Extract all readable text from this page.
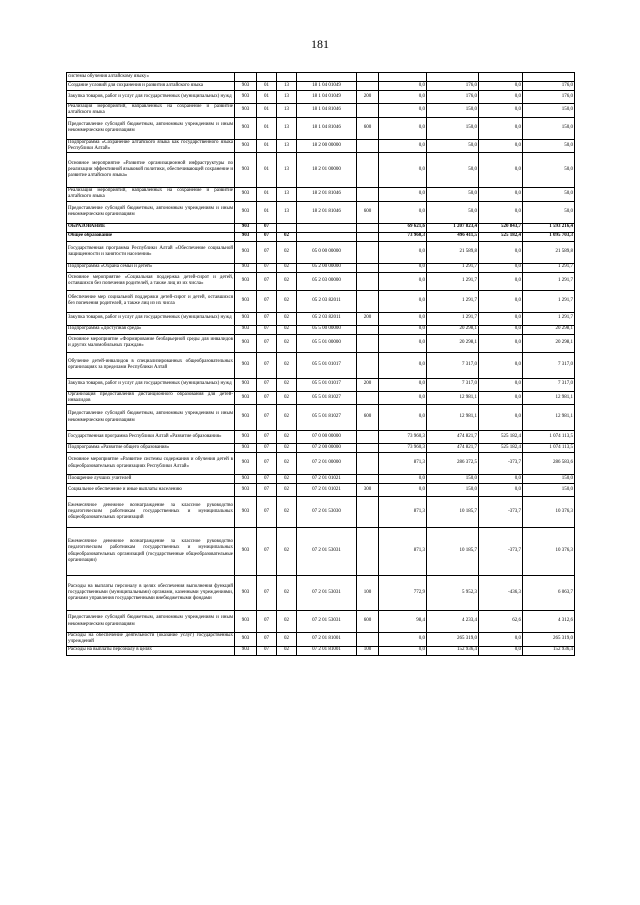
181
системы обучения алтайскому языку»									
Создание условий для сохранения и развития алтайского языка	903	01	13	18 1 04 01049		0,0	176,0	0,0	176,0
Закупка товаров, работ и услуг для государственных (муниципальных) нужд	903	01	13	18 1 04 01049	200	0,0	176,0	0,0	176,0
Реализация мероприятий, направленных на сохранение и развитие алтайского языка	903	01	13	18 1 04 81046		0,0	150,0	0,0	150,0
Предоставление субсидий бюджетным, автономным учреждениям и иным некоммерческим организациям	903	01	13	18 1 04 81046	600	0,0	150,0	0,0	150,0
Подпрограмма «Сохранение алтайского языка как государственного языка Республики Алтай»	903	01	13	18 2 00 00000		0,0	50,0	0,0	50,0
Основное мероприятие «Развитие организационной инфраструктуры по реализации эффективной языковой политики, обеспечивающей сохранение и развитие алтайского языка»	903	01	13	18 2 01 00000		0,0	50,0	0,0	50,0
Реализация мероприятий, направленных на сохранение и развитие алтайского языка	903	01	13	18 2 01 81046		0,0	50,0	0,0	50,0
Предоставление субсидий бюджетным, автономным учреждениям и иным некоммерческим организациям	903	01	13	18 2 01 81046	600	0,0	50,0	0,0	50,0
ОБРАЗОВАНИЕ	903	07				69 621,6	1 207 823,4	520 843,7	1 593 216,4
Общее образование	903	07	02			73 960,3	496 411,5	525 182,4	1 095 703,3
Государственная программа Республики Алтай «Обеспечение социальной защищенности и занятости населения»	903	07	02	05 0 00 00000		0,0	21 589,8	0,0	21 589,8
Подпрограмма «Охрана семьи и детей»	903	07	02	05 2 00 00000		0,0	1 291,7	0,0	1 291,7
Основное мероприятие «Социальная поддержка детей-сирот и детей, оставшихся без попечения родителей, а также лиц из их числа»	903	07	02	05 2 03 00000		0,0	1 291,7	0,0	1 291,7
Обеспечение мер социальной поддержки детей-сирот и детей, оставшихся без попечения родителей, а также лиц из их числа	903	07	02	05 2 03 82011		0,0	1 291,7	0,0	1 291,7
Закупка товаров, работ и услуг для государственных (муниципальных) нужд	903	07	02	05 2 03 82011	200	0,0	1 291,7	0,0	1 291,7
Подпрограмма «Доступная среда»	903	07	02	05 5 00 00000		0,0	20 298,1	0,0	20 298,1
Основное мероприятие «Формирование безбарьерной среды для инвалидов и других маломобильных граждан»	903	07	02	05 5 01 00000		0,0	20 298,1	0,0	20 298,1
Обучение детей-инвалидов в специализированных общеобразовательных организациях за пределами Республики Алтай	903	07	02	05 5 01 01017		0,0	7 317,0	0,0	7 317,0
Закупка товаров, работ и услуг для государственных (муниципальных) нужд	903	07	02	05 5 01 01017	200	0,0	7 317,0	0,0	7 317,0
Организация предоставления дистанционного образования для детей-инвалидов	903	07	02	05 5 01 81027		0,0	12 981,1	0,0	12 981,1
Предоставление субсидий бюджетным, автономным учреждениям и иным некоммерческим организациям	903	07	02	05 5 01 81027	600	0,0	12 981,1	0,0	12 981,1
Государственная программа Республики Алтай «Развитие образования»	903	07	02	07 0 00 00000		73 960,3	474 821,7	525 182,4	1 074 113,5
Подпрограмма «Развитие общего образования»	903	07	02	07 2 00 00000		73 960,3	474 821,7	525 182,4	1 074 113,5
Основное мероприятие «Развитие системы содержания и обучения детей в общеобразовательных организациях Республики Алтай»	903	07	02	07 2 01 00000		871,3	286 372,5	-373,7	286 583,6
Поощрение лучших учителей	903	07	02	07 2 01 01021		0,0	150,0	0,0	150,0
Социальное обеспечение и иные выплаты населению	903	07	02	07 2 01 01021	300	0,0	150,0	0,0	150,0
Ежемесячное денежное вознаграждение за классное руководство педагогическим работникам государственных и муниципальных общеобразовательных организаций	903	07	02	07 2 01 53030		871,3	10 185,7	-373,7	10 376,3
Ежемесячное денежное вознаграждение за классное руководство педагогическим работникам государственных и муниципальных общеобразовательных организаций (государственные общеобразовательные организации)	903	07	02	07 2 01 53031		871,3	10 185,7	-373,7	10 376,3
Расходы на выплаты персоналу в целях обеспечения выполнения функций государственными (муниципальными) органами, казенными учреждениями, органами управления государственными внебюджетными фондами	903	07	02	07 2 01 53031	100	772,9	5 952,3	-436,3	6 063,7
Предоставление субсидий бюджетным, автономным учреждениям и иным некоммерческим организациям	903	07	02	07 2 01 53031	600	98,4	4 233,4	62,6	4 312,6
Расходы на обеспечение деятельности (оказание услуг) государственных учреждений	903	07	02	07 2 01 81001		0,0	265 319,0	0,0	265 319,0
Расходы на выплаты персоналу в целях	903	07	02	07 2 01 81001	100	0,0	152 936,4	0,0	152 936,4
